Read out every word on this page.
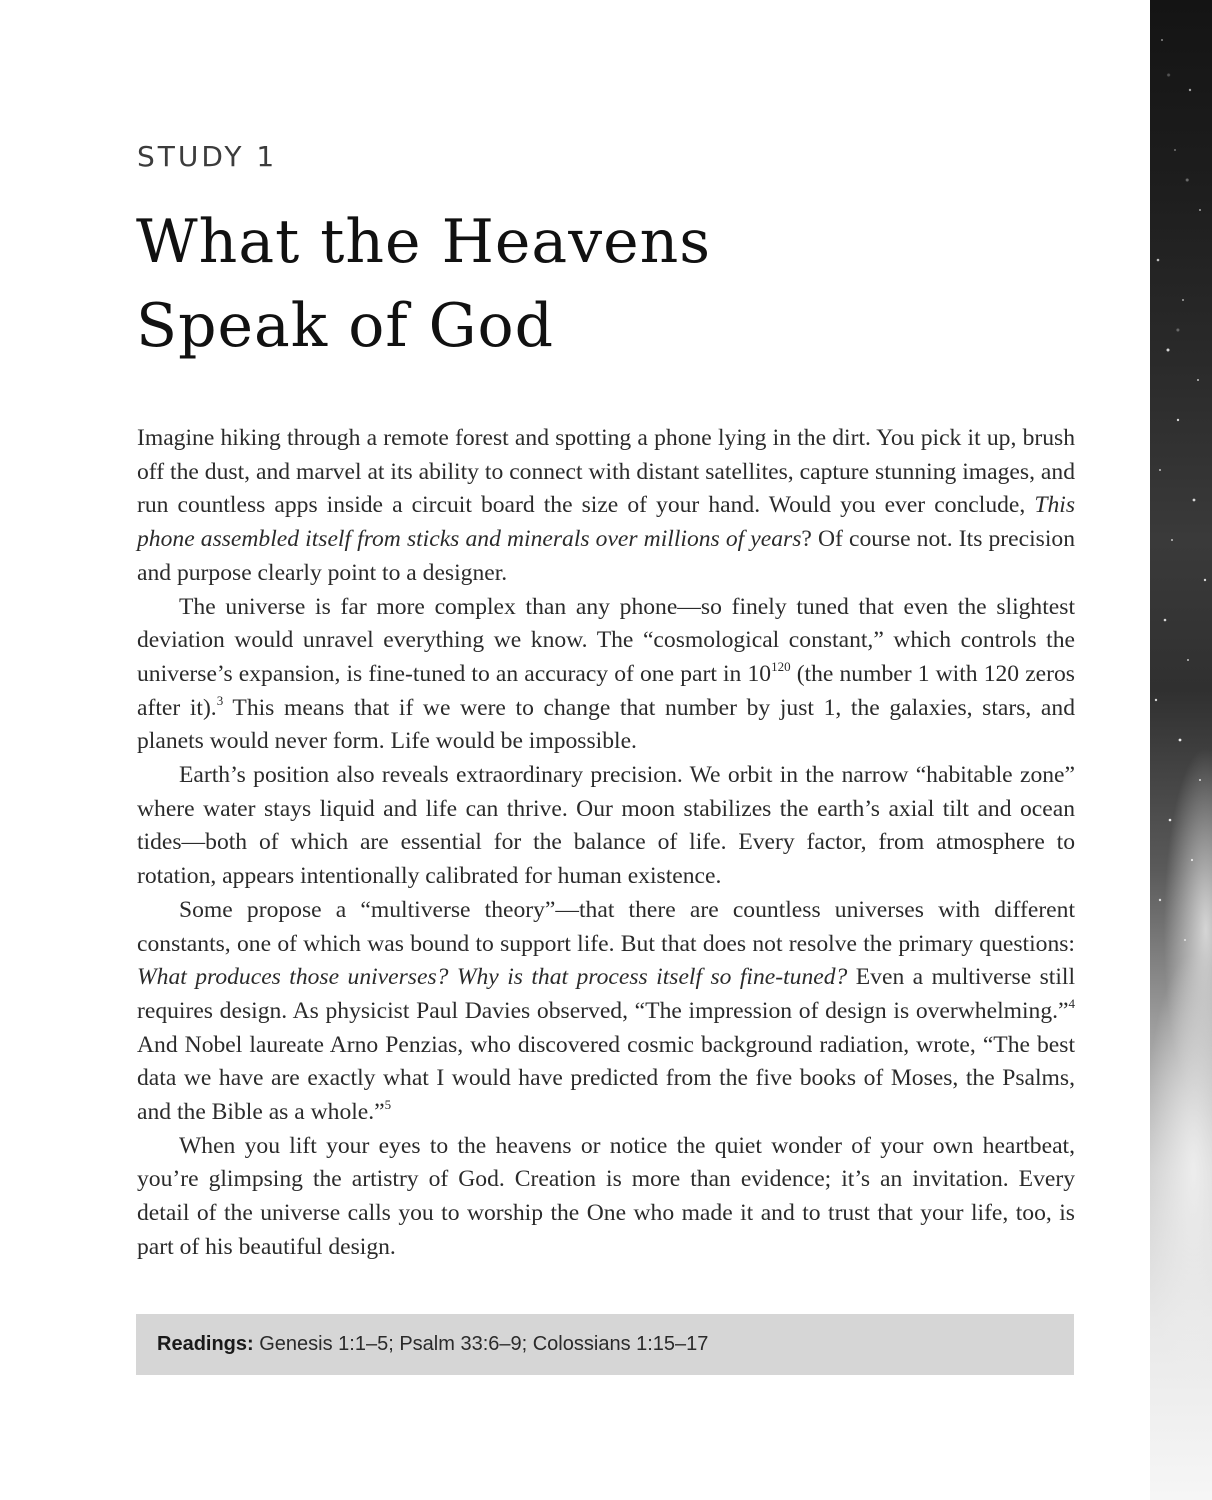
STUDY 1
What the Heavens
Speak of God

Imagine hiking through a remote forest and spotting a phone lying in the dirt. You pick it up, brush off the dust, and marvel at its ability to connect with distant satellites, capture stunning images, and run countless apps inside a circuit board the size of your hand. Would you ever conclude, This phone assembled itself from sticks and minerals over millions of years? Of course not. Its precision and purpose clearly point to a designer.

The universe is far more complex than any phone—so finely tuned that even the slightest deviation would unravel everything we know. The “cosmological constant,” which controls the universe’s expansion, is fine-tuned to an accuracy of one part in $10^{120}$ (the number 1 with 120 zeros after it).$^3$ This means that if we were to change that number by just 1, the galaxies, stars, and planets would never form. Life would be impossible.

Earth’s position also reveals extraordinary precision. We orbit in the narrow “habitable zone” where water stays liquid and life can thrive. Our moon stabilizes the earth’s axial tilt and ocean tides—both of which are essential for the balance of life. Every factor, from atmosphere to rotation, appears intentionally calibrated for human existence.

Some propose a “multiverse theory”—that there are countless universes with different constants, one of which was bound to support life. But that does not resolve the primary questions: What produces those universes? Why is that process itself so fine-tuned? Even a multiverse still requires design. As physicist Paul Davies observed, “The impression of design is overwhelming.”$^4$ And Nobel laureate Arno Penzias, who discovered cosmic background radiation, wrote, “The best data we have are exactly what I would have predicted from the five books of Moses, the Psalms, and the Bible as a whole.”$^5$

When you lift your eyes to the heavens or notice the quiet wonder of your own heartbeat, you’re glimpsing the artistry of God. Creation is more than evidence; it’s an invitation. Every detail of the universe calls you to worship the One who made it and to trust that your life, too, is part of his beautiful design.

Readings: Genesis 1:1–5; Psalm 33:6–9; Colossians 1:15–17
